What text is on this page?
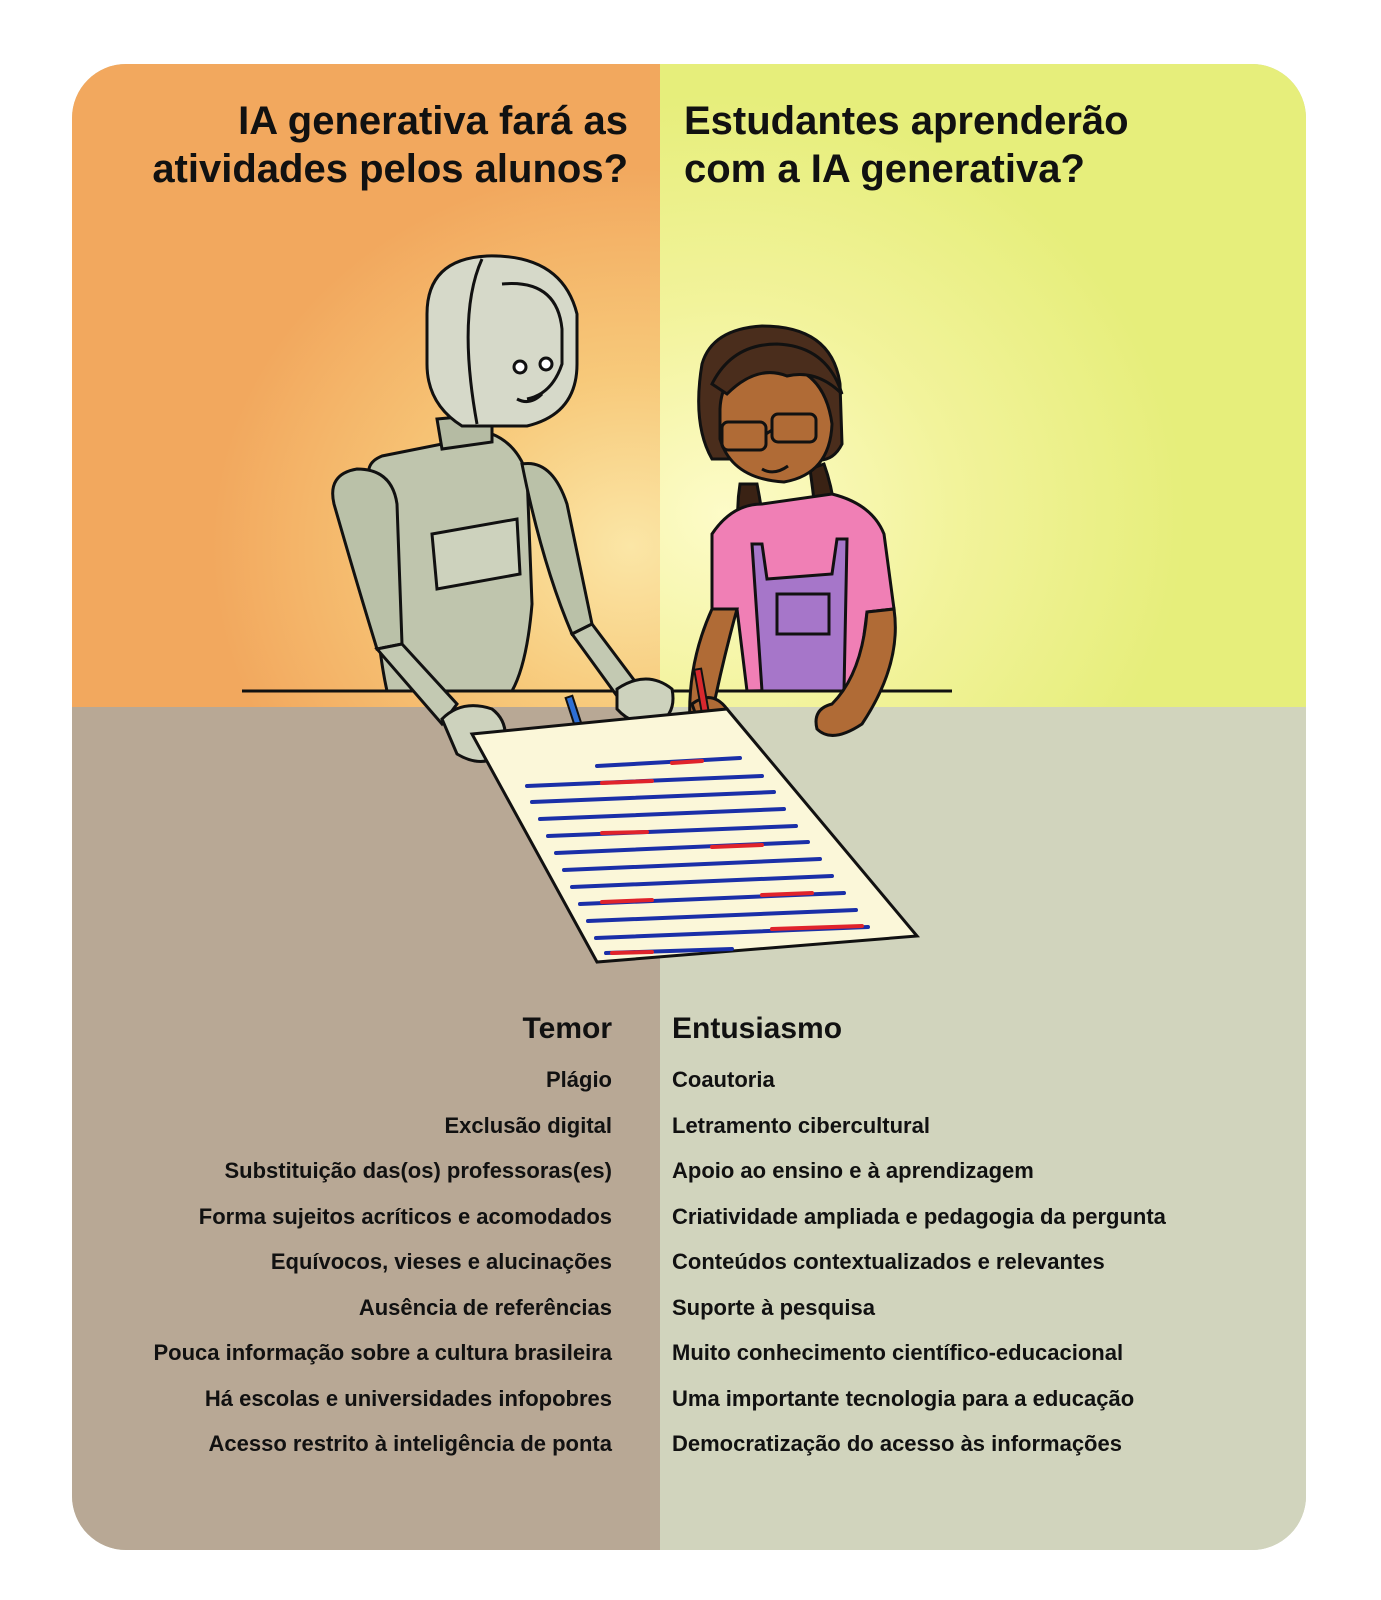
IA generativa fará as atividades pelos alunos?
Estudantes aprenderão com a IA generativa?
Temor
Plágio
Exclusão digital
Substituição das(os) professoras(es)
Forma sujeitos acríticos e acomodados
Equívocos, vieses e alucinações
Ausência de referências
Pouca informação sobre a cultura brasileira
Há escolas e universidades infopobres
Acesso restrito à inteligência de ponta
Entusiasmo
Coautoria
Letramento cibercultural
Apoio ao ensino e à aprendizagem
Criatividade ampliada e pedagogia da pergunta
Conteúdos contextualizados e relevantes
Suporte à pesquisa
Muito conhecimento científico-educacional
Uma importante tecnologia para a educação
Democratização do acesso às informações
